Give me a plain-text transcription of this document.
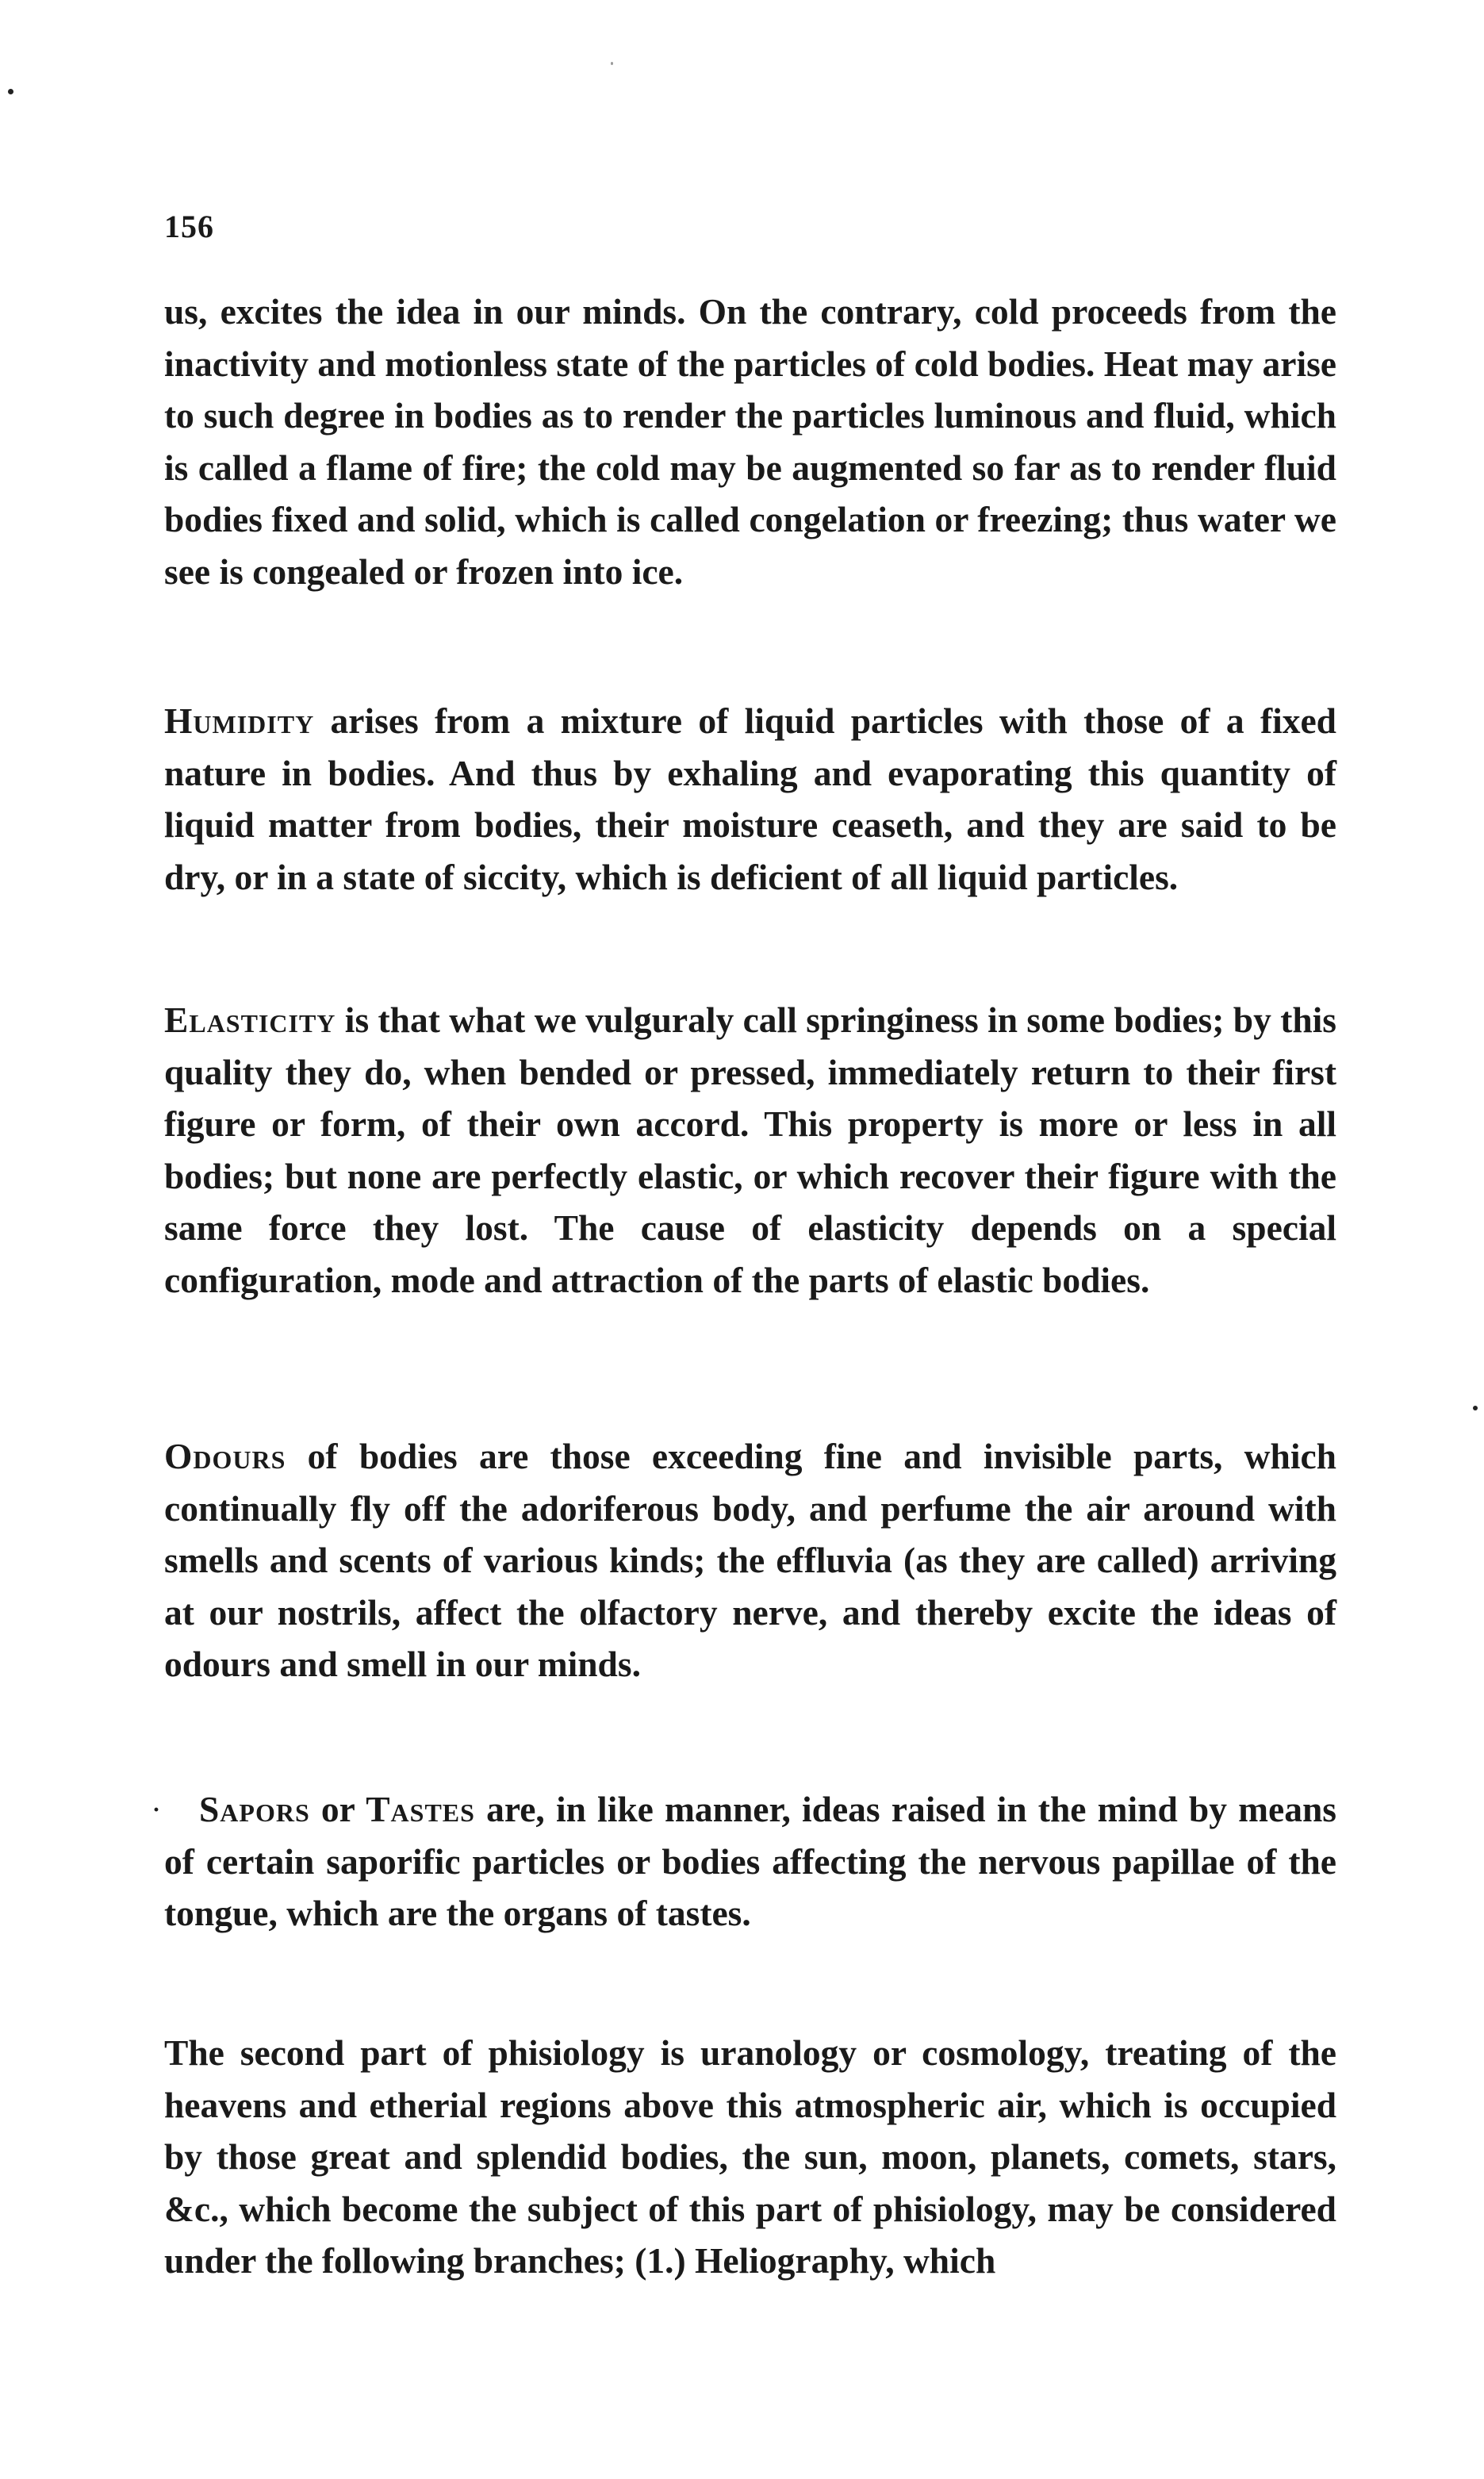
156
us, excites the idea in our minds. On the contrary, cold proceeds from the inactivity and motionless state of the particles of cold bodies. Heat may arise to such degree in bodies as to render the particles luminous and fluid, which is called a flame of fire; the cold may be augmented so far as to render fluid bodies fixed and solid, which is called congelation or freezing; thus water we see is congealed or frozen into ice.
Humidity arises from a mixture of liquid particles with those of a fixed nature in bodies. And thus by exhaling and evaporating this quantity of liquid matter from bodies, their moisture ceaseth, and they are said to be dry, or in a state of siccity, which is deficient of all liquid particles.
Elasticity is that what we vulguraly call springiness in some bodies; by this quality they do, when bended or pressed, immediately return to their first figure or form, of their own accord. This property is more or less in all bodies; but none are perfectly elastic, or which recover their figure with the same force they lost. The cause of elasticity depends on a special configuration, mode and attraction of the parts of elastic bodies.
Odours of bodies are those exceeding fine and invisible parts, which continually fly off the adoriferous body, and perfume the air around with smells and scents of various kinds; the effluvia (as they are called) arriving at our nostrils, affect the olfactory nerve, and thereby excite the ideas of odours and smell in our minds.
·	Sapors or Tastes are, in like manner, ideas raised in the mind by means of certain saporific particles or bodies affecting the nervous papillae of the tongue, which are the organs of tastes.
The second part of phisiology is uranology or cosmology, treating of the heavens and etherial regions above this atmospheric air, which is occupied by those great and splendid bodies, the sun, moon, planets, comets, stars, &c., which become the subject of this part of phisiology, may be considered under the following branches; (1.) Heliography, which
